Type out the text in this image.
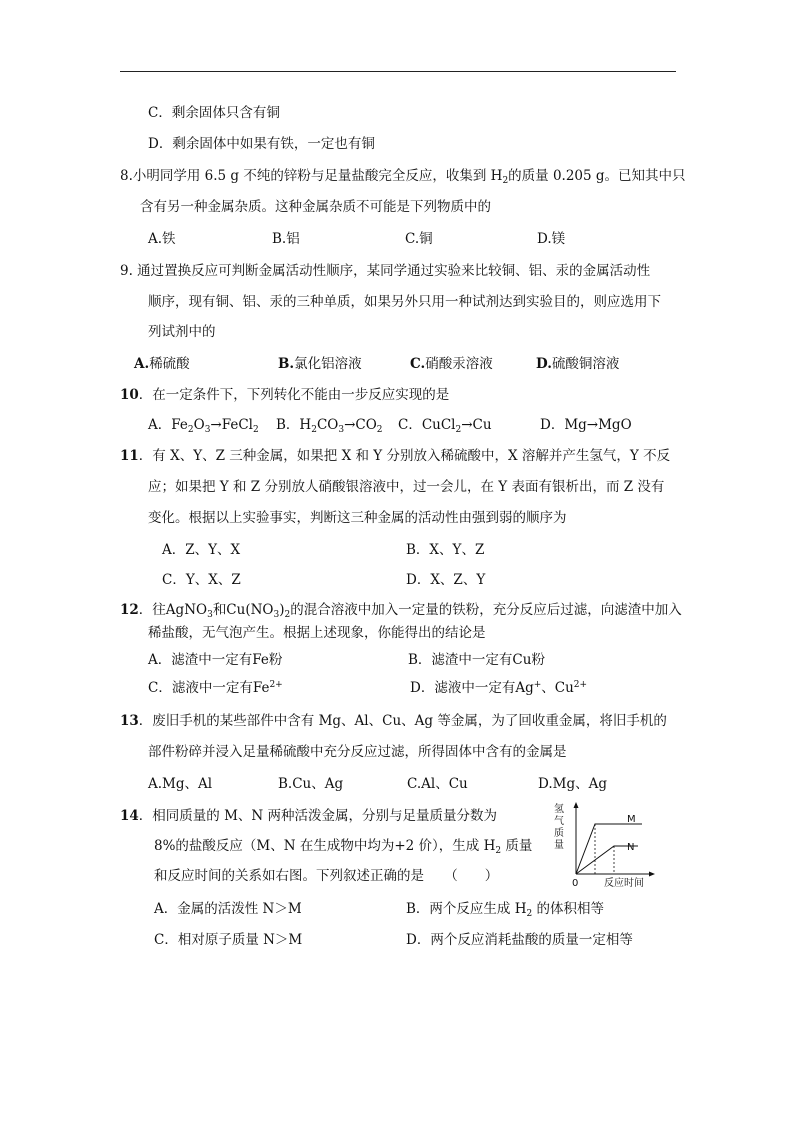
C．剩余固体只含有铜
D．剩余固体中如果有铁，一定也有铜
8.小明同学用 6.5 g 不纯的锌粉与足量盐酸完全反应，收集到 $H_2$的质量 0.205 g。已知其中只
含有另一种金属杂质。这种金属杂质不可能是下列物质中的
A.铁	B.铝	C.铜	D.镁
9. 通过置换反应可判断金属活动性顺序，某同学通过实验来比较铜、铝、汞的金属活动性
顺序，现有铜、铝、汞的三种单质，如果另外只用一种试剂达到实验目的，则应选用下
列试剂中的
A.稀硫酸	B.氯化铝溶液	C.硝酸汞溶液	D.硫酸铜溶液
10．在一定条件下，下列转化不能由一步反应实现的是
A．$Fe_2O_3\to FeCl_2$ B．$H_2CO_3\to CO_2$ C．CuCl$_2$→Cu	D．Mg→MgO
11．有 X、Y、Z 三种金属，如果把 X 和 Y 分别放入稀硫酸中，X 溶解并产生氢气，Y 不反
应；如果把 Y 和 Z 分别放人硝酸银溶液中，过一会儿，在 Y 表面有银析出，而 Z 没有
变化。根据以上实验事实，判断这三种金属的活动性由强到弱的顺序为
A．Z、Y、X	B．X、Y、Z
C．Y、X、Z	D．X、Z、Y
12．往AgNO$_3$和$Cu(NO_3)_2$的混合溶液中加入一定量的铁粉，充分反应后过滤，向滤渣中加入
稀盐酸，无气泡产生。根据上述现象，你能得出的结论是
A．滤渣中一定有Fe粉	B．滤渣中一定有Cu粉
C．滤液中一定有$Fe^{2+}$	D．滤液中一定有Ag+、$Cu^{2+}$
13．废旧手机的某些部件中含有 Mg、Al、Cu、Ag 等金属，为了回收重金属，将旧手机的
部件粉碎并浸入足量稀硫酸中充分反应过滤，所得固体中含有的金属是
A.Mg、Al	B.Cu、Ag	C.Al、Cu	D.Mg、Ag
14．相同质量的 M、N 两种活泼金属，分别与足量质量分数为
8%的盐酸反应（M、N 在生成物中均为+2 价），生成 $H_2$ 质量
和反应时间的关系如右图。下列叙述正确的是　　（　　）
A．金属的活泼性 N＞M	B．两个反应生成 $H_2$ 的体积相等
C．相对原子质量 N＞M	D．两个反应消耗盐酸的质量一定相等
氢
气
质
量
M
N
0	反应时间
